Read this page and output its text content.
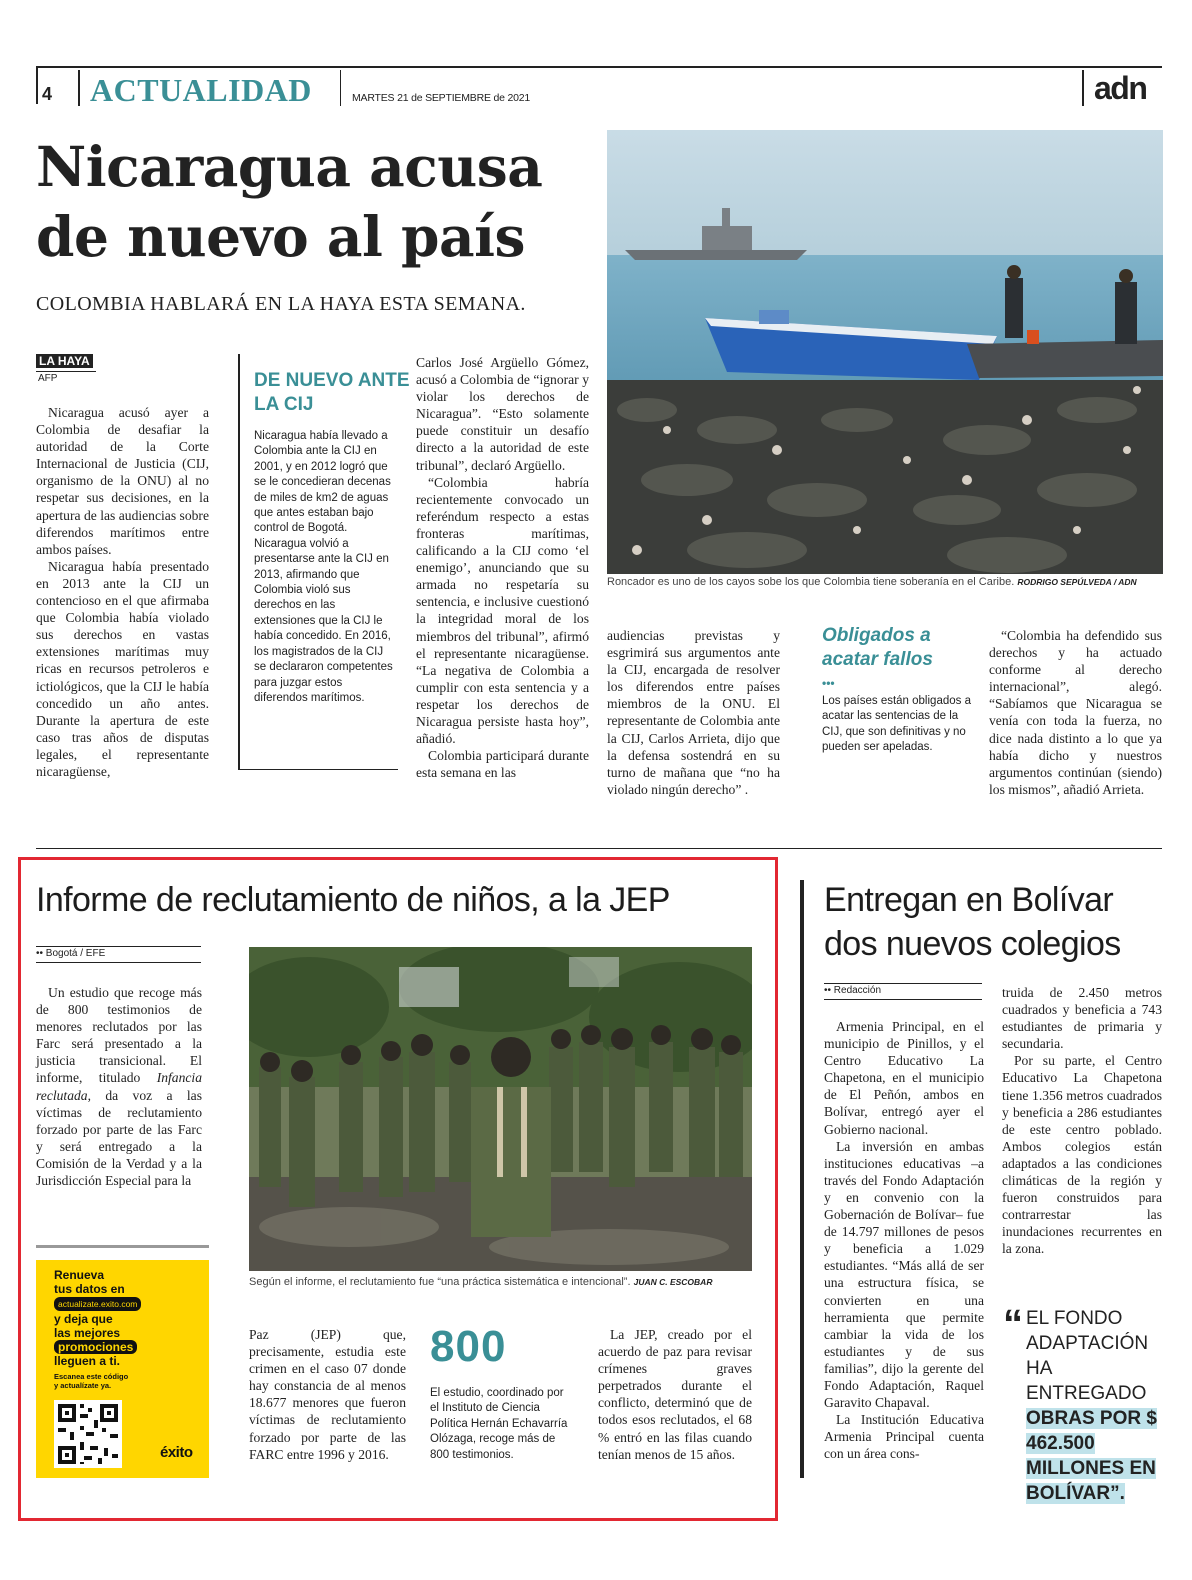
4 ACTUALIDAD	MARTES 21 de SEPTIEMBRE de 2021	adn
Nicaragua acusa de nuevo al país
COLOMBIA HABLARÁ EN LA HAYA ESTA SEMANA.
Roncador es uno de los cayos sobe los que Colombia tiene soberanía en el Caribe. RODRIGO SEPÚLVEDA / ADN
LA HAYA
AFP

Nicaragua acusó ayer a Colombia de desafiar la autoridad de la Corte Internacional de Justicia (CIJ, organismo de la ONU) al no respetar sus decisiones, en la apertura de las audiencias sobre diferendos marítimos entre ambos países.

Nicaragua había presentado en 2013 ante la CIJ un contencioso en el que afirmaba que Colombia había violado sus derechos en vastas extensiones marítimas muy ricas en recursos petroleros e ictiológicos, que la CIJ le había concedido un año antes. Durante la apertura de este caso tras años de disputas legales, el representante nicaragüense,

DE NUEVO ANTE LA CIJ
Nicaragua había llevado a Colombia ante la CIJ en 2001, y en 2012 logró que se le concedieran decenas de miles de km2 de aguas que antes estaban bajo control de Bogotá. Nicaragua volvió a presentarse ante la CIJ en 2013, afirmando que Colombia violó sus derechos en las extensiones que la CIJ le había concedido. En 2016, los magistrados de la CIJ se declararon competentes para juzgar estos diferendos marítimos.

Carlos José Argüello Gómez, acusó a Colombia de “ignorar y violar los derechos de Nicaragua”. “Esto solamente puede constituir un desafío directo a la autoridad de este tribunal”, declaró Argüello.

“Colombia habría recientemente convocado un referéndum respecto a estas fronteras marítimas, calificando a la CIJ como ‘el enemigo’, anunciando que su armada no respetaría su sentencia, e inclusive cuestionó la integridad moral de los miembros del tribunal”, afirmó el representante nicaragüense. “La negativa de Colombia a cumplir con esta sentencia y a respetar los derechos de Nicaragua persiste hasta hoy”, añadió.

Colombia participará durante esta semana en las

audiencias previstas y esgrimirá sus argumentos ante la CIJ, encargada de resolver los diferendos entre países miembros de la ONU. El representante de Colombia ante la CIJ, Carlos Arrieta, dijo que la defensa sostendrá en su turno de mañana que “no ha violado ningún derecho” .

Obligados a acatar fallos
•••
Los países están obligados a acatar las sentencias de la CIJ, que son definitivas y no pueden ser apeladas.

“Colombia ha defendido sus derechos y ha actuado conforme al derecho internacional”, alegó. “Sabíamos que Nicaragua se venía con toda la fuerza, no dice nada distinto a lo que ya había dicho y nuestros argumentos continúan (siendo) los mismos”, añadió Arrieta.

Informe de reclutamiento de niños, a la JEP
•• Bogotá / EFE

Un estudio que recoge más de 800 testimonios de menores reclutados por las Farc será presentado a la justicia transicional. El informe, titulado Infancia reclutada, da voz a las víctimas de reclutamiento forzado por parte de las Farc y será entregado a la Comisión de la Verdad y a la Jurisdicción Especial para la

Según el informe, el reclutamiento fue “una práctica sistemática e intencional”. JUAN C. ESCOBAR

Paz (JEP) que, precisamente, estudia este crimen en el caso 07 donde hay constancia de al menos 18.677 menores que fueron víctimas de reclutamiento forzado por parte de las FARC entre 1996 y 2016.

800
El estudio, coordinado por el Instituto de Ciencia Política Hernán Echavarría Olózaga, recoge más de 800 testimonios.

La JEP, creado por el acuerdo de paz para revisar crímenes graves perpetrados durante el conflicto, determinó que de todos esos reclutados, el 68 % entró en las filas cuando tenían menos de 15 años.

Renueva
tus datos en
actualizate.exito.com
y deja que
las mejores
promociones
lleguen a ti.
Escanea este código
y actualízate ya.
éxito
Entregan en Bolívar dos nuevos colegios
•• Redacción

Armenia Principal, en el municipio de Pinillos, y el Centro Educativo La Chapetona, en el municipio de El Peñón, ambos en Bolívar, entregó ayer el Gobierno nacional.

La inversión en ambas instituciones educativas –a través del Fondo Adaptación y en convenio con la Gobernación de Bolívar– fue de 14.797 millones de pesos y beneficia a 1.029 estudiantes. “Más allá de ser una estructura física, se convierten en una herramienta que permite cambiar la vida de los estudiantes y de sus familias”, dijo la gerente del Fondo Adaptación, Raquel Garavito Chapaval.

La Institución Educativa Armenia Principal cuenta con un área cons-

truida de 2.450 metros cuadrados y beneficia a 743 estudiantes de primaria y secundaria.

Por su parte, el Centro Educativo La Chapetona tiene 1.356 metros cuadrados y beneficia a 286 estudiantes de este centro poblado. Ambos colegios están adaptados a las condiciones climáticas de la región y fueron construidos para contrarrestar las inundaciones recurrentes en la zona.

“ EL FONDO ADAPTACIÓN HA ENTREGADO OBRAS POR $ 462.500 MILLONES EN BOLÍVAR”.
